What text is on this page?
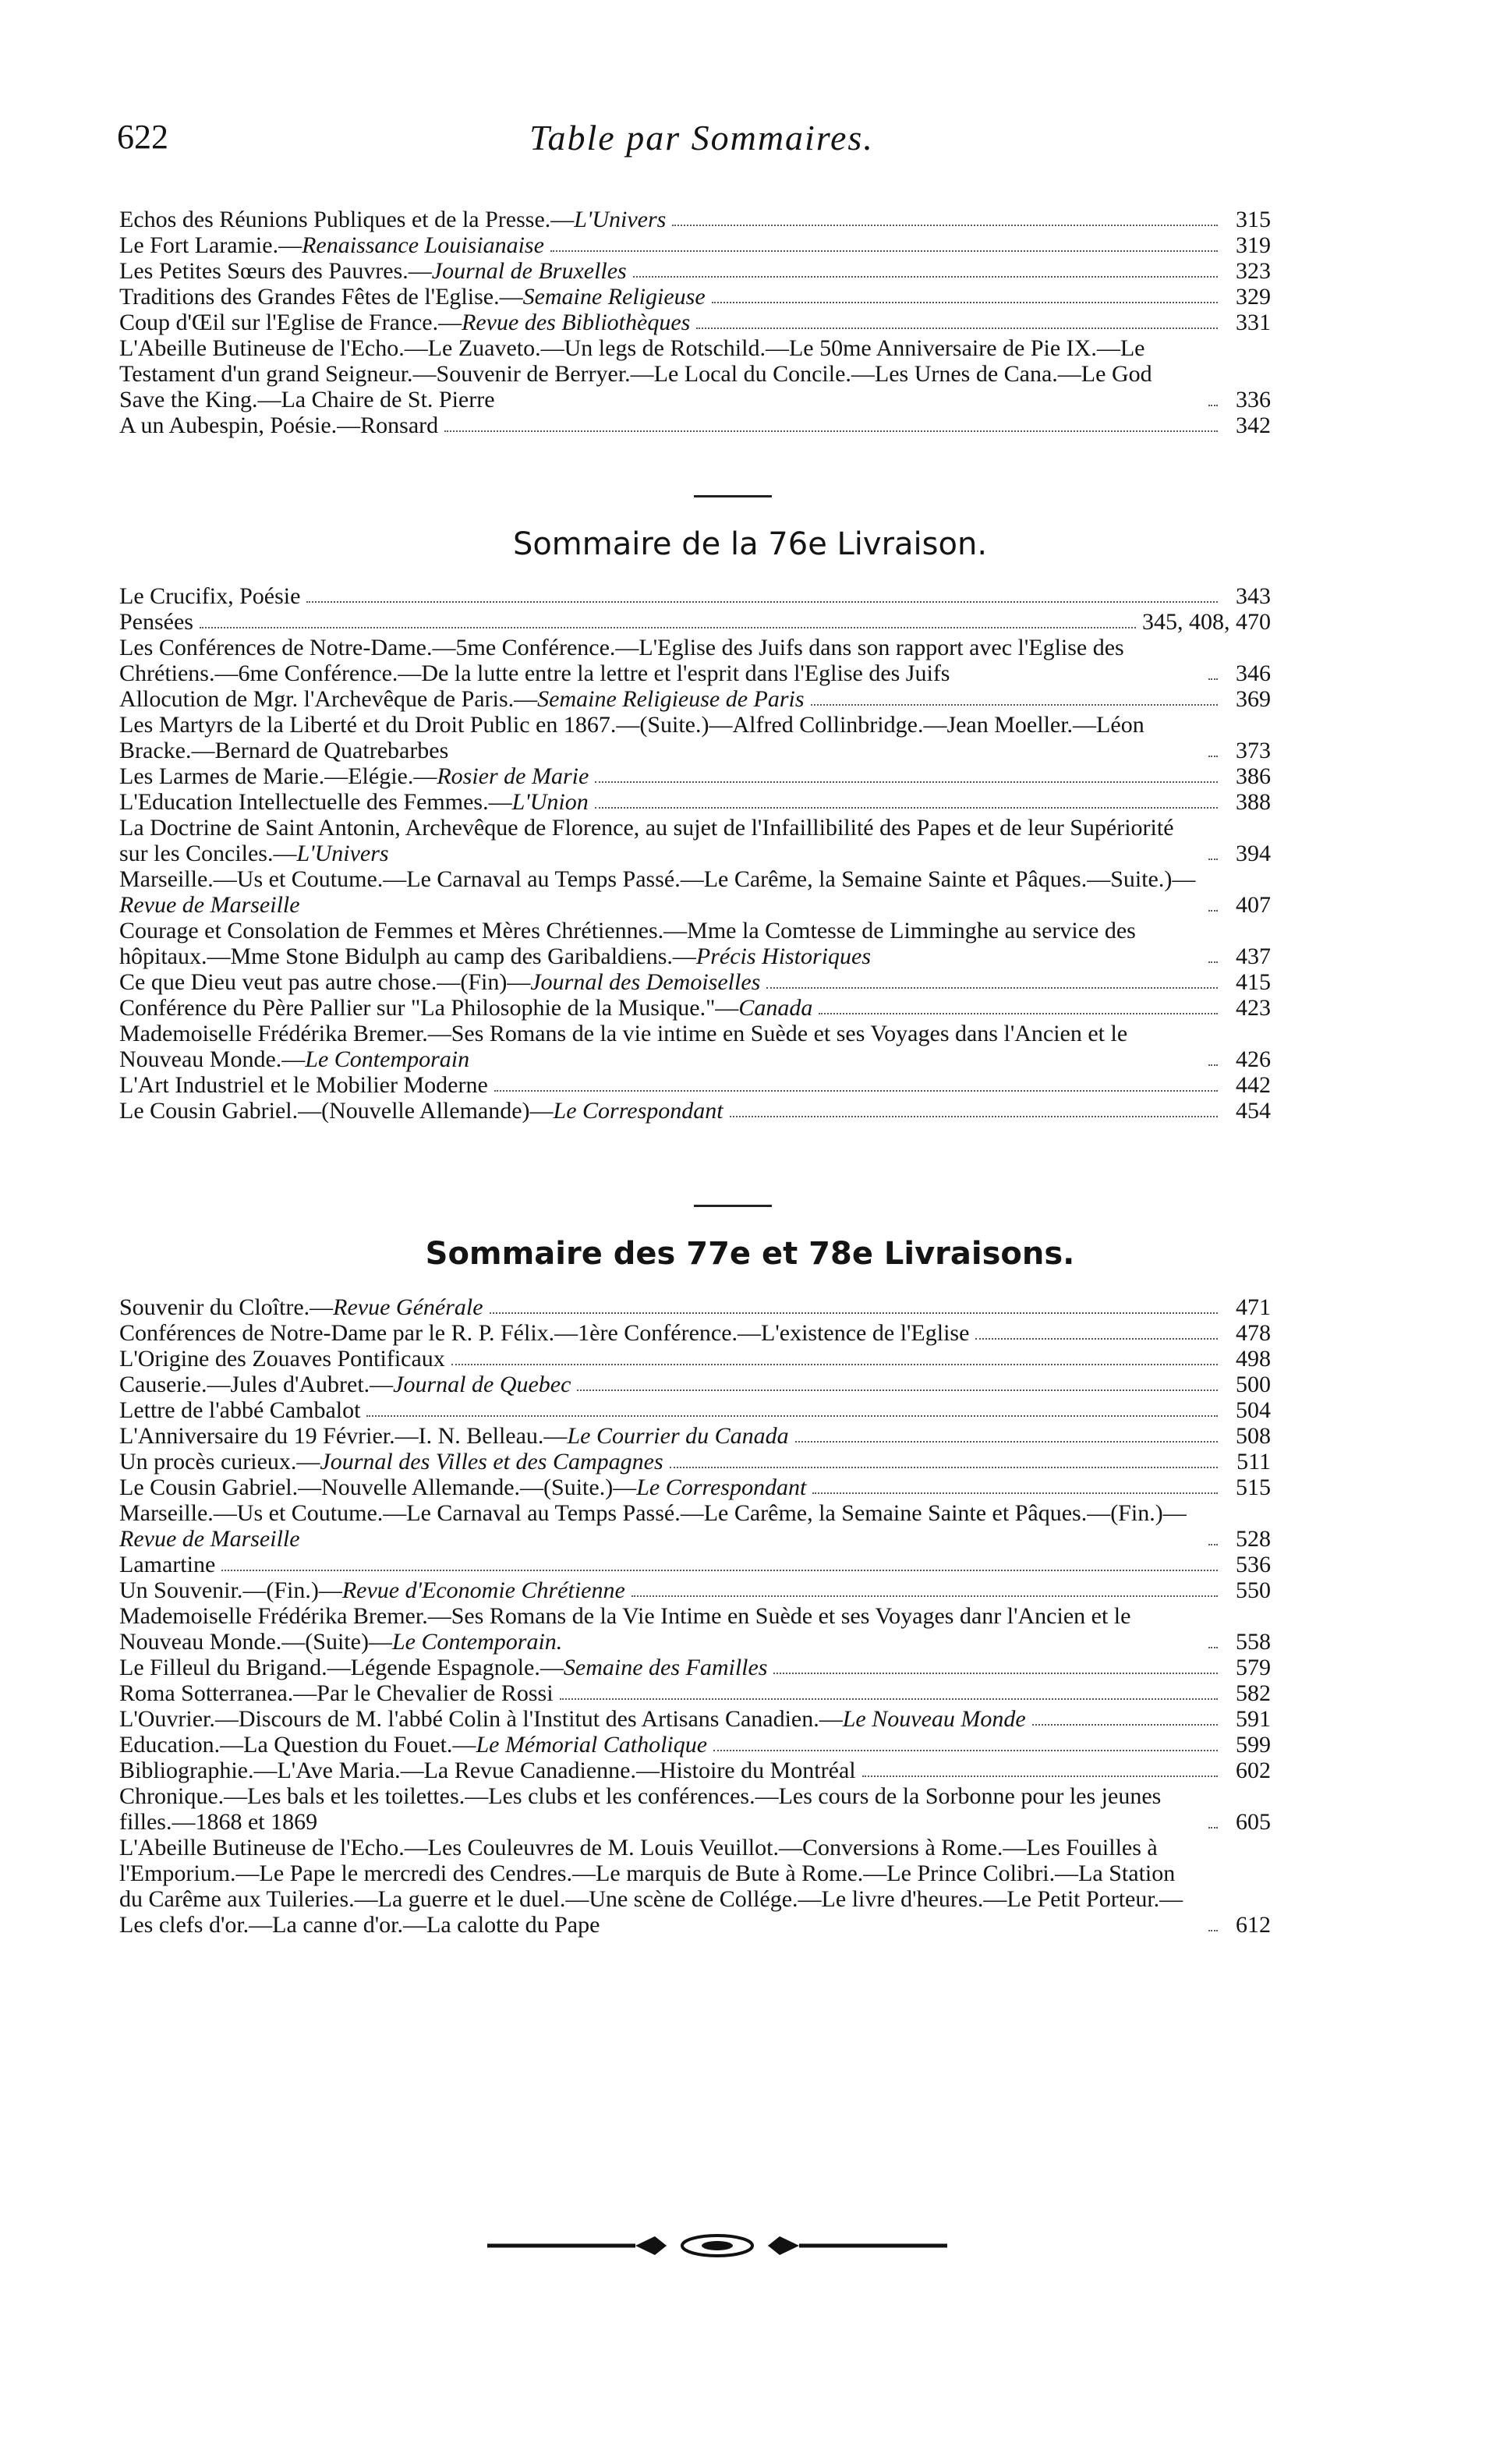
622	Table par Sommaires.
Echos des Réunions Publiques et de la Presse.—L'Univers	315
Le Fort Laramie.—Renaissance Louisianaise	319
Les Petites Sœurs des Pauvres.—Journal de Bruxelles	323
Traditions des Grandes Fêtes de l'Eglise.—Semaine Religieuse	329
Coup d'Œil sur l'Eglise de France.—Revue des Bibliothèques	331
L'Abeille Butineuse de l'Echo.—Le Zuaveto.—Un legs de Rotschild.—Le 50me Anniversaire de Pie IX.—Le Testament d'un grand Seigneur.—Souvenir de Berryer.—Le Local du Concile.—Les Urnes de Cana.—Le God Save the King.—La Chaire de St. Pierre	336
A un Aubespin, Poésie.—Ronsard	342
Sommaire de la 76e Livraison.
Le Crucifix, Poésie	343
Pensées	345, 408, 470
Les Conférences de Notre-Dame.—5me Conférence.—L'Eglise des Juifs dans son rapport avec l'Eglise des Chrétiens.—6me Conférence.—De la lutte entre la lettre et l'esprit dans l'Eglise des Juifs	346
Allocution de Mgr. l'Archevêque de Paris.—Semaine Religieuse de Paris	369
Les Martyrs de la Liberté et du Droit Public en 1867.—(Suite.)—Alfred Collinbridge.—Jean Moeller.—Léon Bracke.—Bernard de Quatrebarbes	373
Les Larmes de Marie.—Elégie.—Rosier de Marie	386
L'Education Intellectuelle des Femmes.—L'Union	388
La Doctrine de Saint Antonin, Archevêque de Florence, au sujet de l'Infaillibilité des Papes et de leur Supériorité sur les Conciles.—L'Univers	394
Marseille.—Us et Coutume.—Le Carnaval au Temps Passé.—Le Carême, la Semaine Sainte et Pâques.—Suite.)—Revue de Marseille	407
Courage et Consolation de Femmes et Mères Chrétiennes.—Mme la Comtesse de Limminghe au service des hôpitaux.—Mme Stone Bidulph au camp des Garibaldiens.—Précis Historiques	437
Ce que Dieu veut pas autre chose.—(Fin)—Journal des Demoiselles	415
Conférence du Père Pallier sur "La Philosophie de la Musique."—Canada	423
Mademoiselle Frédérika Bremer.—Ses Romans de la vie intime en Suède et ses Voyages dans l'Ancien et le Nouveau Monde.—Le Contemporain	426
L'Art Industriel et le Mobilier Moderne	442
Le Cousin Gabriel.—(Nouvelle Allemande)—Le Correspondant	454
Sommaire des 77e et 78e Livraisons.
Souvenir du Cloître.—Revue Générale	471
Conférences de Notre-Dame par le R. P. Félix.—1ère Conférence.—L'existence de l'Eglise	478
L'Origine des Zouaves Pontificaux	498
Causerie.—Jules d'Aubret.—Journal de Quebec	500
Lettre de l'abbé Cambalot	504
L'Anniversaire du 19 Février.—I. N. Belleau.—Le Courrier du Canada	508
Un procès curieux.—Journal des Villes et des Campagnes	511
Le Cousin Gabriel.—Nouvelle Allemande.—(Suite.)—Le Correspondant	515
Marseille.—Us et Coutume.—Le Carnaval au Temps Passé.—Le Carême, la Semaine Sainte et Pâques.—(Fin.)—Revue de Marseille	528
Lamartine	536
Un Souvenir.—(Fin.)—Revue d'Economie Chrétienne	550
Mademoiselle Frédérika Bremer.—Ses Romans de la Vie Intime en Suède et ses Voyages danr l'Ancien et le Nouveau Monde.—(Suite)—Le Contemporain.	558
Le Filleul du Brigand.—Légende Espagnole.—Semaine des Familles	579
Roma Sotterranea.—Par le Chevalier de Rossi	582
L'Ouvrier.—Discours de M. l'abbé Colin à l'Institut des Artisans Canadien.—Le Nouveau Monde	591
Education.—La Question du Fouet.—Le Mémorial Catholique	599
Bibliographie.—L'Ave Maria.—La Revue Canadienne.—Histoire du Montréal	602
Chronique.—Les bals et les toilettes.—Les clubs et les conférences.—Les cours de la Sorbonne pour les jeunes filles.—1868 et 1869	605
L'Abeille Butineuse de l'Echo.—Les Couleuvres de M. Louis Veuillot.—Conversions à Rome.—Les Fouilles à l'Emporium.—Le Pape le mercredi des Cendres.—Le marquis de Bute à Rome.—Le Prince Colibri.—La Station du Carême aux Tuileries.—La guerre et le duel.—Une scène de Collége.—Le livre d'heures.—Le Petit Porteur.—Les clefs d'or.—La canne d'or.—La calotte du Pape	612
